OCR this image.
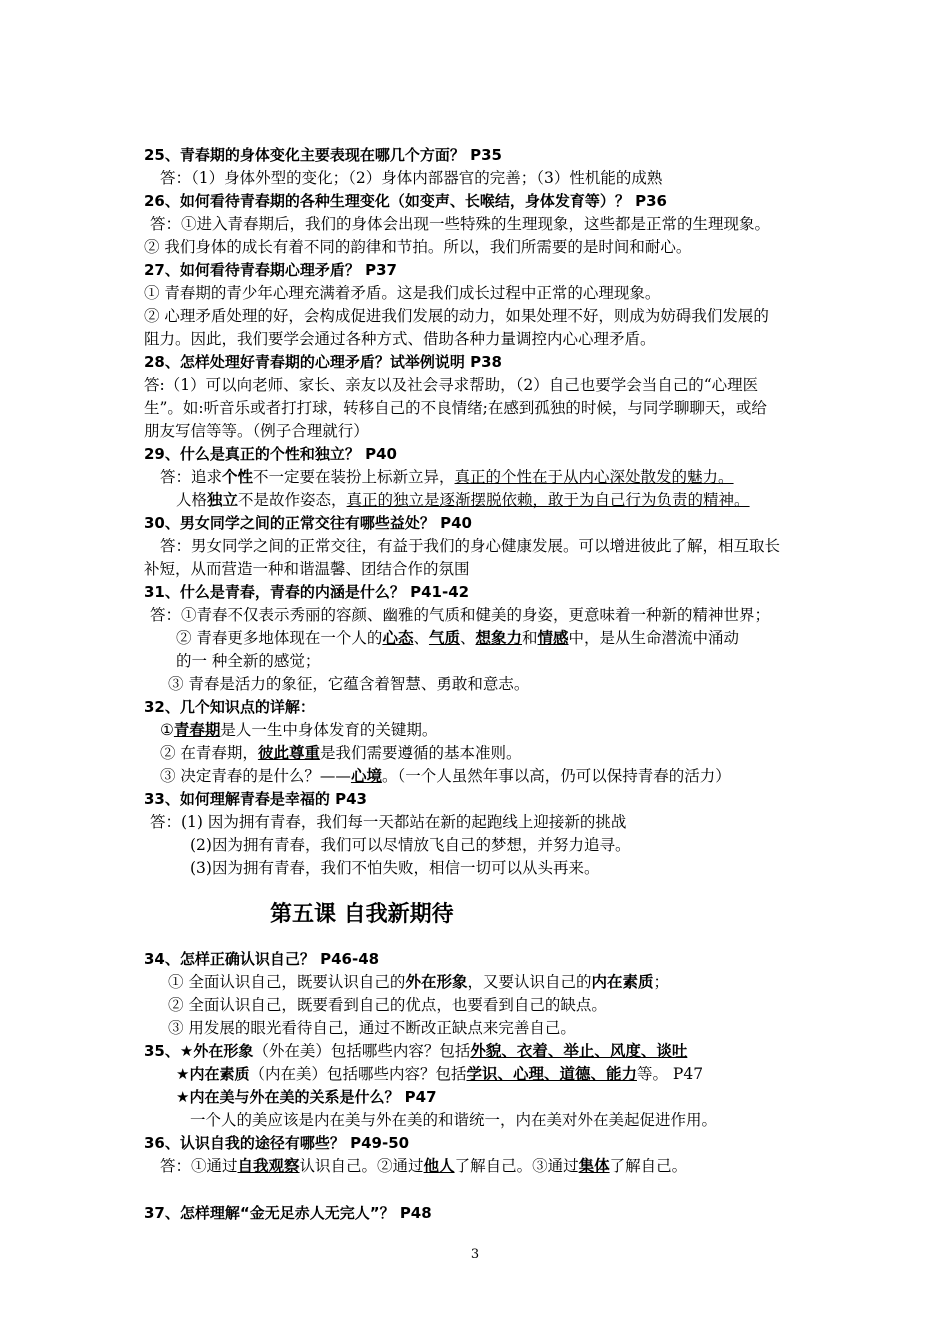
25、青春期的身体变化主要表现在哪几个方面？ P35
答：（1）身体外型的变化；（2）身体内部器官的完善；（3）性机能的成熟
26、如何看待青春期的各种生理变化（如变声、长喉结，身体发育等）？ P36
答：①进入青春期后，我们的身体会出现一些特殊的生理现象，这些都是正常的生理现象。
② 我们身体的成长有着不同的韵律和节拍。所以，我们所需要的是时间和耐心。
27、如何看待青春期心理矛盾？ P37
① 青春期的青少年心理充满着矛盾。这是我们成长过程中正常的心理现象。
② 心理矛盾处理的好，会构成促进我们发展的动力，如果处理不好，则成为妨碍我们发展的
阻力。因此，我们要学会通过各种方式、借助各种力量调控内心心理矛盾。
28、怎样处理好青春期的心理矛盾？试举例说明 P38
答:（1）可以向老师、家长、亲友以及社会寻求帮助，（2）自己也要学会当自己的“心理医
生”。如:听音乐或者打打球，转移自己的不良情绪;在感到孤独的时候，与同学聊聊天，或给
朋友写信等等。（例子合理就行）
29、什么是真正的个性和独立？ P40
答：追求个性不一定要在装扮上标新立异，真正的个性在于从内心深处散发的魅力。
人格独立不是故作姿态，真正的独立是逐渐摆脱依赖，敢于为自己行为负责的精神。
30、男女同学之间的正常交往有哪些益处？ P40
答：男女同学之间的正常交往，有益于我们的身心健康发展。可以增进彼此了解，相互取长
补短，从而营造一种和谐温馨、团结合作的氛围
31、什么是青春，青春的内涵是什么？ P41-42
答：①青春不仅表示秀丽的容颜、幽雅的气质和健美的身姿，更意味着一种新的精神世界；
② 青春更多地体现在一个人的心态、气质、想象力和情感中，是从生命潜流中涌动
的一 种全新的感觉；
③ 青春是活力的象征，它蕴含着智慧、勇敢和意志。
32、几个知识点的详解：
①青春期是人一生中身体发育的关键期。
② 在青春期，彼此尊重是我们需要遵循的基本准则。
③ 决定青春的是什么？——心境。（一个人虽然年事以高，仍可以保持青春的活力）
33、如何理解青春是幸福的 P43
答：(1) 因为拥有青春，我们每一天都站在新的起跑线上迎接新的挑战
(2)因为拥有青春，我们可以尽情放飞自己的梦想，并努力追寻。
(3)因为拥有青春，我们不怕失败，相信一切可以从头再来。
第五课 自我新期待
34、怎样正确认识自己？ P46-48
① 全面认识自己，既要认识自己的外在形象，又要认识自己的内在素质；
② 全面认识自己，既要看到自己的优点，也要看到自己的缺点。
③ 用发展的眼光看待自己，通过不断改正缺点来完善自己。
35、★外在形象（外在美）包括哪些内容？包括外貌、衣着、举止、风度、谈吐
★内在素质（内在美）包括哪些内容？包括学识、心理、道德、能力等。 P47
★内在美与外在美的关系是什么？ P47
一个人的美应该是内在美与外在美的和谐统一，内在美对外在美起促进作用。
36、认识自我的途径有哪些？ P49-50
答：①通过自我观察认识自己。②通过他人了解自己。③通过集体了解自己。
37、怎样理解“金无足赤人无完人”？ P48
3
